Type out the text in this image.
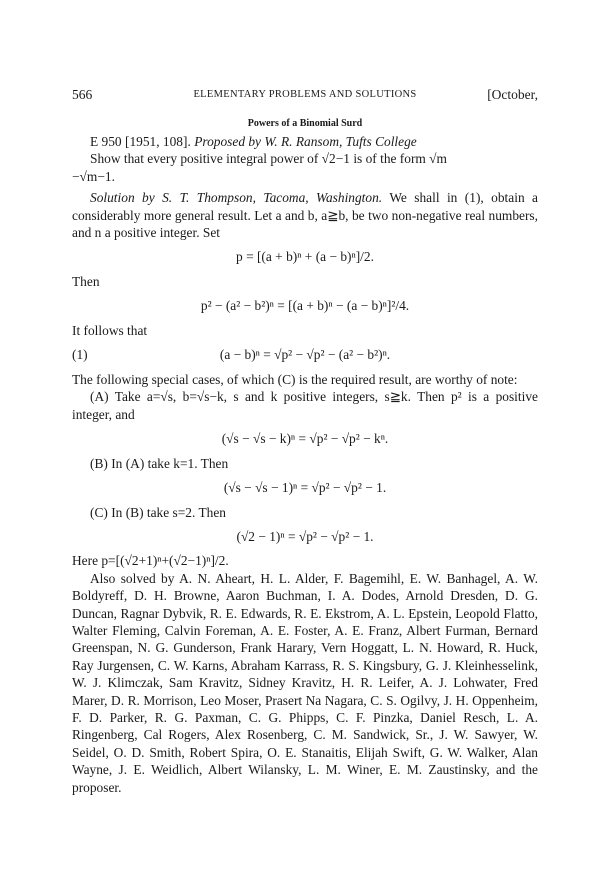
566	ELEMENTARY PROBLEMS AND SOLUTIONS	[October,
Powers of a Binomial Surd

E 950 [1951, 108]. Proposed by W. R. Ransom, Tufts College

Show that every positive integral power of √2−1 is of the form √m

−√m−1.

Solution by S. T. Thompson, Tacoma, Washington. We shall in (1), obtain a considerably more general result. Let a and b, a≧b, be two non-negative real numbers, and n a positive integer. Set

p = [(a + b)ⁿ + (a − b)ⁿ]/2.

Then

p² − (a² − b²)ⁿ = [(a + b)ⁿ − (a − b)ⁿ]²/4.

It follows that

(1)	(a − b)ⁿ = √p² − √p² − (a² − b²)ⁿ.

The following special cases, of which (C) is the required result, are worthy of note:

(A) Take a=√s, b=√s−k, s and k positive integers, s≧k. Then p² is a positive integer, and

(√s − √s − k)ⁿ = √p² − √p² − kⁿ.

(B) In (A) take k=1. Then

(√s − √s − 1)ⁿ = √p² − √p² − 1.

(C) In (B) take s=2. Then

(√2 − 1)ⁿ = √p² − √p² − 1.

Here p=[(√2+1)ⁿ+(√2−1)ⁿ]/2.

Also solved by A. N. Aheart, H. L. Alder, F. Bagemihl, E. W. Banhagel, A. W. Boldyreff, D. H. Browne, Aaron Buchman, I. A. Dodes, Arnold Dresden, D. G. Duncan, Ragnar Dybvik, R. E. Edwards, R. E. Ekstrom, A. L. Epstein, Leopold Flatto, Walter Fleming, Calvin Foreman, A. E. Foster, A. E. Franz, Albert Furman, Bernard Greenspan, N. G. Gunderson, Frank Harary, Vern Hoggatt, L. N. Howard, R. Huck, Ray Jurgensen, C. W. Karns, Abraham Karrass, R. S. Kingsbury, G. J. Kleinhesselink, W. J. Klimczak, Sam Kravitz, Sidney Kravitz, H. R. Leifer, A. J. Lohwater, Fred Marer, D. R. Morrison, Leo Moser, Prasert Na Nagara, C. S. Ogilvy, J. H. Oppenheim, F. D. Parker, R. G. Paxman, C. G. Phipps, C. F. Pinzka, Daniel Resch, L. A. Ringenberg, Cal Rogers, Alex Rosenberg, C. M. Sandwick, Sr., J. W. Sawyer, W. Seidel, O. D. Smith, Robert Spira, O. E. Stanaitis, Elijah Swift, G. W. Walker, Alan Wayne, J. E. Weidlich, Albert Wilansky, L. M. Winer, E. M. Zaustinsky, and the proposer.
